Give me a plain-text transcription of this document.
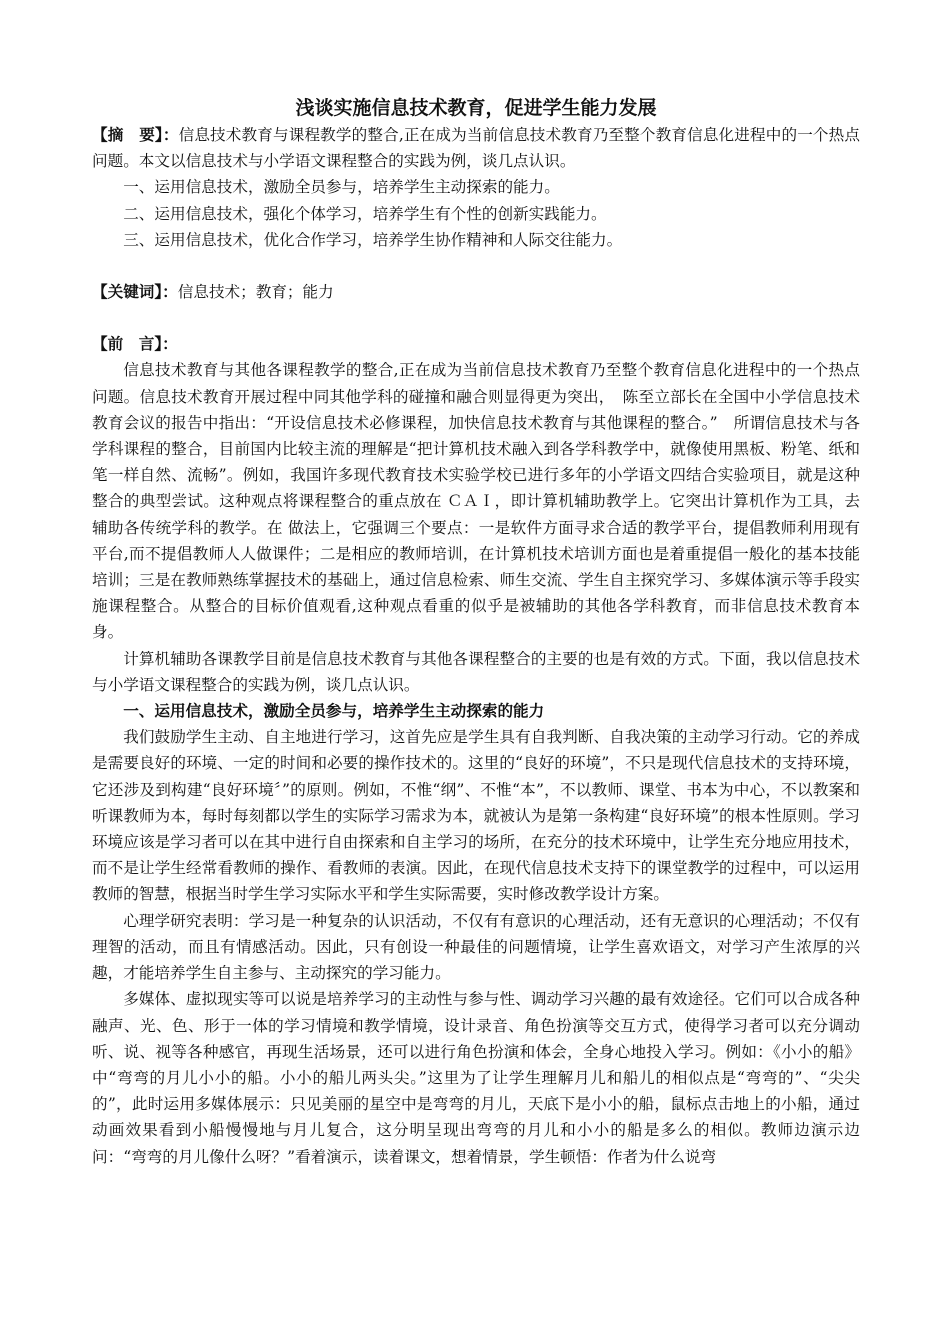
浅谈实施信息技术教育，促进学生能力发展

【摘　要】：信息技术教育与课程教学的整合,正在成为当前信息技术教育乃至整个教育信息化进程中的一个热点问题。本文以信息技术与小学语文课程整合的实践为例，谈几点认识。

一、运用信息技术，激励全员参与，培养学生主动探索的能力。

二、运用信息技术，强化个体学习，培养学生有个性的创新实践能力。

三、运用信息技术，优化合作学习，培养学生协作精神和人际交往能力。

【关键词】：信息技术；教育；能力

【前　言】：

信息技术教育与其他各课程教学的整合,正在成为当前信息技术教育乃至整个教育信息化进程中的一个热点问题。信息技术教育开展过程中同其他学科的碰撞和融合则显得更为突出，　陈至立部长在全国中小学信息技术教育会议的报告中指出：“开设信息技术必修课程，加快信息技术教育与其他课程的整合。”　所谓信息技术与各学科课程的整合，目前国内比较主流的理解是“把计算机技术融入到各学科教学中，就像使用黑板、粉笔、纸和笔一样自然、流畅”。例如，我国许多现代教育技术实验学校已进行多年的小学语文四结合实验项目，就是这种整合的典型尝试。这种观点将课程整合的重点放在 ＣＡＩ，即计算机辅助教学上。它突出计算机作为工具，去辅助各传统学科的教学。在 做法上，它强调三个要点：一是软件方面寻求合适的教学平台，提倡教师利用现有平台,而不提倡教师人人做课件；二是相应的教师培训，在计算机技术培训方面也是着重提倡一般化的基本技能培训；三是在教师熟练掌握技术的基础上，通过信息检索、师生交流、学生自主探究学习、多媒体演示等手段实施课程整合。从整合的目标价值观看,这种观点看重的似乎是被辅助的其他各学科教育，而非信息技术教育本身。

计算机辅助各课教学目前是信息技术教育与其他各课程整合的主要的也是有效的方式。下面，我以信息技术与小学语文课程整合的实践为例，谈几点认识。

一、运用信息技术，激励全员参与，培养学生主动探索的能力

我们鼓励学生主动、自主地进行学习，这首先应是学生具有自我判断、自我决策的主动学习行动。它的养成是需要良好的环境、一定的时间和必要的操作技术的。这里的“良好的环境”，不只是现代信息技术的支持环境，它还涉及到构建“良好环境〞”的原则。例如，不惟“纲”、不惟“本”，不以教师、课堂、书本为中心，不以教案和听课教师为本，每时每刻都以学生的实际学习需求为本，就被认为是第一条构建“良好环境”的根本性原则。学习环境应该是学习者可以在其中进行自由探索和自主学习的场所，在充分的技术环境中，让学生充分地应用技术，而不是让学生经常看教师的操作、看教师的表演。因此，在现代信息技术支持下的课堂教学的过程中，可以运用教师的智慧，根据当时学生学习实际水平和学生实际需要，实时修改教学设计方案。

心理学研究表明：学习是一种复杂的认识活动，不仅有有意识的心理活动，还有无意识的心理活动；不仅有理智的活动，而且有情感活动。因此，只有创设一种最佳的问题情境，让学生喜欢语文，对学习产生浓厚的兴趣，才能培养学生自主参与、主动探究的学习能力。

多媒体、虚拟现实等可以说是培养学习的主动性与参与性、调动学习兴趣的最有效途径。它们可以合成各种融声、光、色、形于一体的学习情境和教学情境，设计录音、角色扮演等交互方式，使得学习者可以充分调动听、说、视等各种感官，再现生活场景，还可以进行角色扮演和体会，全身心地投入学习。例如：《小小的船》中“弯弯的月儿小小的船。小小的船儿两头尖。”这里为了让学生理解月儿和船儿的相似点是“弯弯的”、“尖尖的”，此时运用多媒体展示：只见美丽的星空中是弯弯的月儿，天底下是小小的船，鼠标点击地上的小船，通过动画效果看到小船慢慢地与月儿复合，这分明呈现出弯弯的月儿和小小的船是多么的相似。教师边演示边问：“弯弯的月儿像什么呀？”看着演示，读着课文，想着情景，学生顿悟：作者为什么说弯
